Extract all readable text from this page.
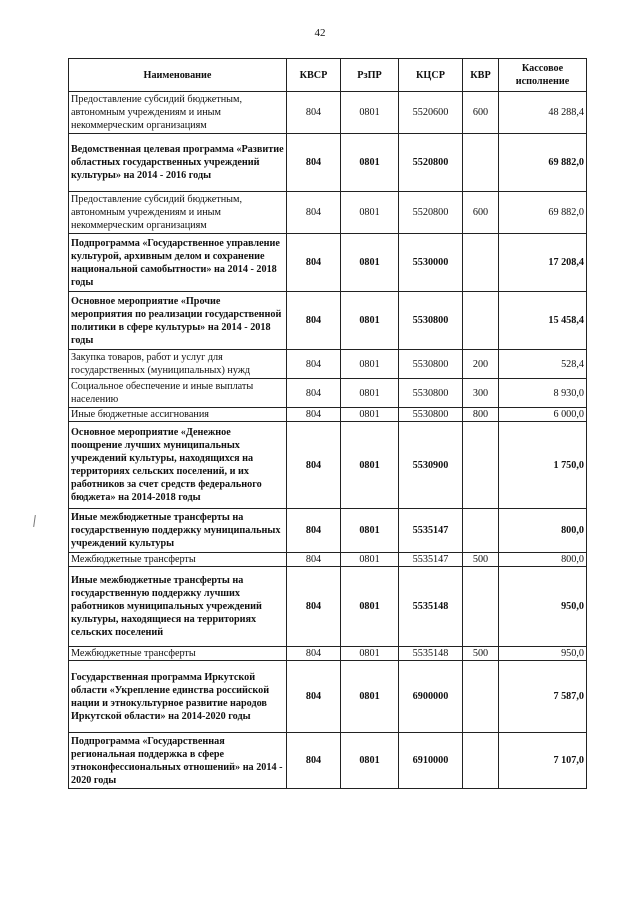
42
Наименование	КВСР	РзПР	КЦСР	КВР	Кассовое исполнение
Предоставление субсидий бюджетным, автономным учреждениям и иным некоммерческим организациям	804	0801	5520600	600	48 288,4
Ведомственная целевая программа «Развитие областных государственных учреждений культуры» на 2014 - 2016 годы	804	0801	5520800		69 882,0
Предоставление субсидий бюджетным, автономным учреждениям и иным некоммерческим организациям	804	0801	5520800	600	69 882,0
Подпрограмма «Государственное управление культурой, архивным делом и сохранение национальной самобытности» на 2014 - 2018 годы	804	0801	5530000		17 208,4
Основное мероприятие «Прочие мероприятия по реализации государственной политики в сфере культуры» на 2014 - 2018 годы	804	0801	5530800		15 458,4
Закупка товаров, работ и услуг для государственных (муниципальных) нужд	804	0801	5530800	200	528,4
Социальное обеспечение и иные выплаты населению	804	0801	5530800	300	8 930,0
Иные бюджетные ассигнования	804	0801	5530800	800	6 000,0
Основное мероприятие «Денежное поощрение лучших муниципальных учреждений культуры, находящихся на территориях сельских поселений, и их работников за счет средств федерального бюджета» на 2014-2018 годы	804	0801	5530900		1 750,0
Иные межбюджетные трансферты на государственную поддержку муниципальных учреждений культуры	804	0801	5535147		800,0
Межбюджетные трансферты	804	0801	5535147	500	800,0
Иные межбюджетные трансферты на государственную поддержку лучших работников муниципальных учреждений культуры, находящиеся на территориях сельских поселений	804	0801	5535148		950,0
Межбюджетные трансферты	804	0801	5535148	500	950,0
Государственная программа Иркутской области «Укрепление единства российской нации и этнокультурное развитие народов Иркутской области» на 2014-2020 годы	804	0801	6900000		7 587,0
Подпрограмма «Государственная региональная поддержка в сфере этноконфессиональных отношений» на 2014 - 2020 годы	804	0801	6910000		7 107,0
